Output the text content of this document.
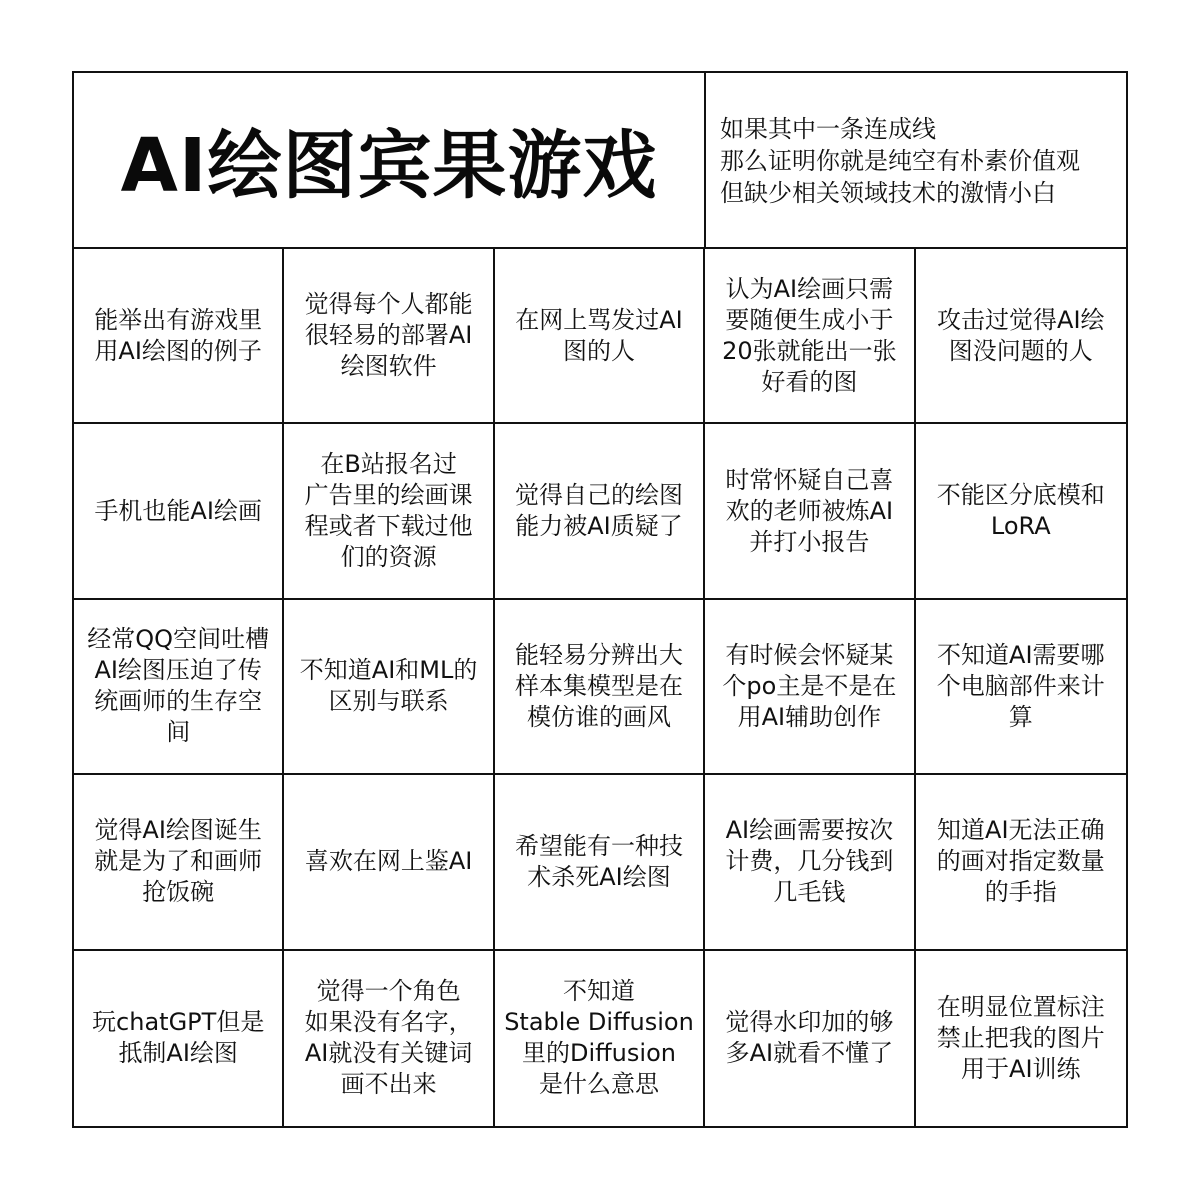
AI绘图宾果游戏	如果其中一条连成线
那么证明你就是纯空有朴素价值观
但缺少相关领域技术的激情小白
能举出有游戏里
用AI绘图的例子
觉得每个人都能
很轻易的部署AI
绘图软件
在网上骂发过AI
图的人
认为AI绘画只需
要随便生成小于
20张就能出一张
好看的图
攻击过觉得AI绘
图没问题的人
手机也能AI绘画
在B站报名过
广告里的绘画课
程或者下载过他
们的资源
觉得自己的绘图
能力被AI质疑了
时常怀疑自己喜
欢的老师被炼AI
并打小报告
不能区分底模和
LoRA
经常QQ空间吐槽
AI绘图压迫了传
统画师的生存空
间
不知道AI和ML的
区别与联系
能轻易分辨出大
样本集模型是在
模仿谁的画风
有时候会怀疑某
个po主是不是在
用AI辅助创作
不知道AI需要哪
个电脑部件来计
算
觉得AI绘图诞生
就是为了和画师
抢饭碗
喜欢在网上鉴AI
希望能有一种技
术杀死AI绘图
AI绘画需要按次
计费，几分钱到
几毛钱
知道AI无法正确
的画对指定数量
的手指
玩chatGPT但是
抵制AI绘图
觉得一个角色
如果没有名字，
AI就没有关键词
画不出来
不知道
Stable Diffusion
里的Diffusion
是什么意思
觉得水印加的够
多AI就看不懂了
在明显位置标注
禁止把我的图片
用于AI训练
